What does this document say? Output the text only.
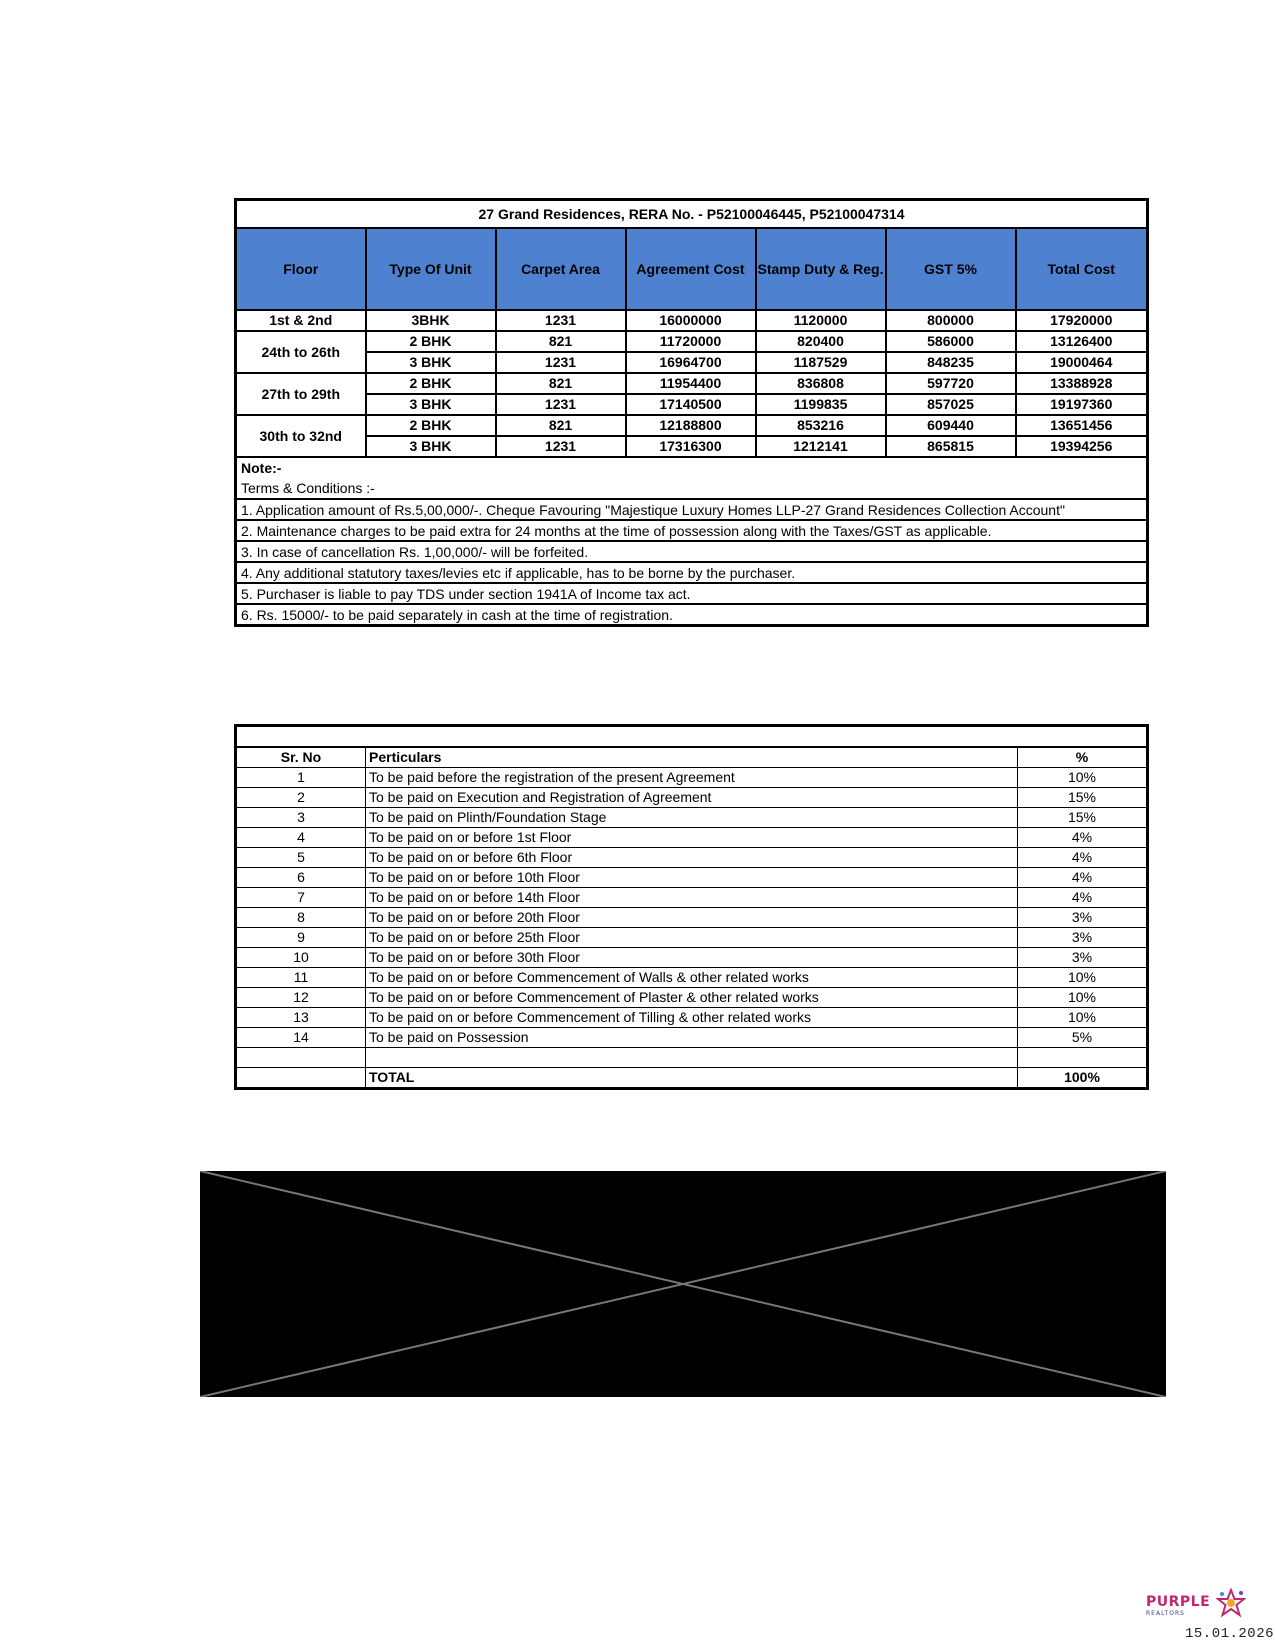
27 Grand Residences, RERA No. - P52100046445, P52100047314						
Floor	Type Of Unit	Carpet Area	Agreement Cost	Stamp Duty & Reg.	GST 5%	Total Cost
1st & 2nd	3BHK	1231	16000000	1120000	800000	17920000
24th to 26th	2 BHK	821	11720000	820400	586000	13126400
	3 BHK	1231	16964700	1187529	848235	19000464
27th to 29th	2 BHK	821	11954400	836808	597720	13388928
	3 BHK	1231	17140500	1199835	857025	19197360
30th to 32nd	2 BHK	821	12188800	853216	609440	13651456
	3 BHK	1231	17316300	1212141	865815	19394256
Note:-						
Terms & Conditions :-						
1. Application amount of Rs.5,00,000/-. Cheque Favouring "Majestique Luxury Homes LLP-27 Grand Residences Collection Account"						
2. Maintenance charges to be paid extra for 24 months at the time of possession along with the Taxes/GST as applicable.						
3. In case of cancellation Rs. 1,00,000/- will be forfeited.						
4. Any additional statutory taxes/levies etc if applicable, has to be borne by the purchaser.						
5. Purchaser is liable to pay TDS under section 1941A of Income tax act.						
6. Rs. 15000/- to be paid separately in cash at the time of registration.						

Sr. No	Perticulars	%
1	To be paid before the registration of the present Agreement	10%
2	To be paid on Execution and Registration of Agreement	15%
3	To be paid on Plinth/Foundation Stage	15%
4	To be paid on or before 1st Floor	4%
5	To be paid on or before 6th Floor	4%
6	To be paid on or before 10th Floor	4%
7	To be paid on or before 14th Floor	4%
8	To be paid on or before 20th Floor	3%
9	To be paid on or before 25th Floor	3%
10	To be paid on or before 30th Floor	3%
11	To be paid on or before Commencement of Walls & other related works	10%
12	To be paid on or before Commencement of Plaster & other related works	10%
13	To be paid on or before Commencement of Tilling & other related works	10%
14	To be paid on Possession	5%

	TOTAL	100%
PURPLE
REALTORS
15.01.2026
